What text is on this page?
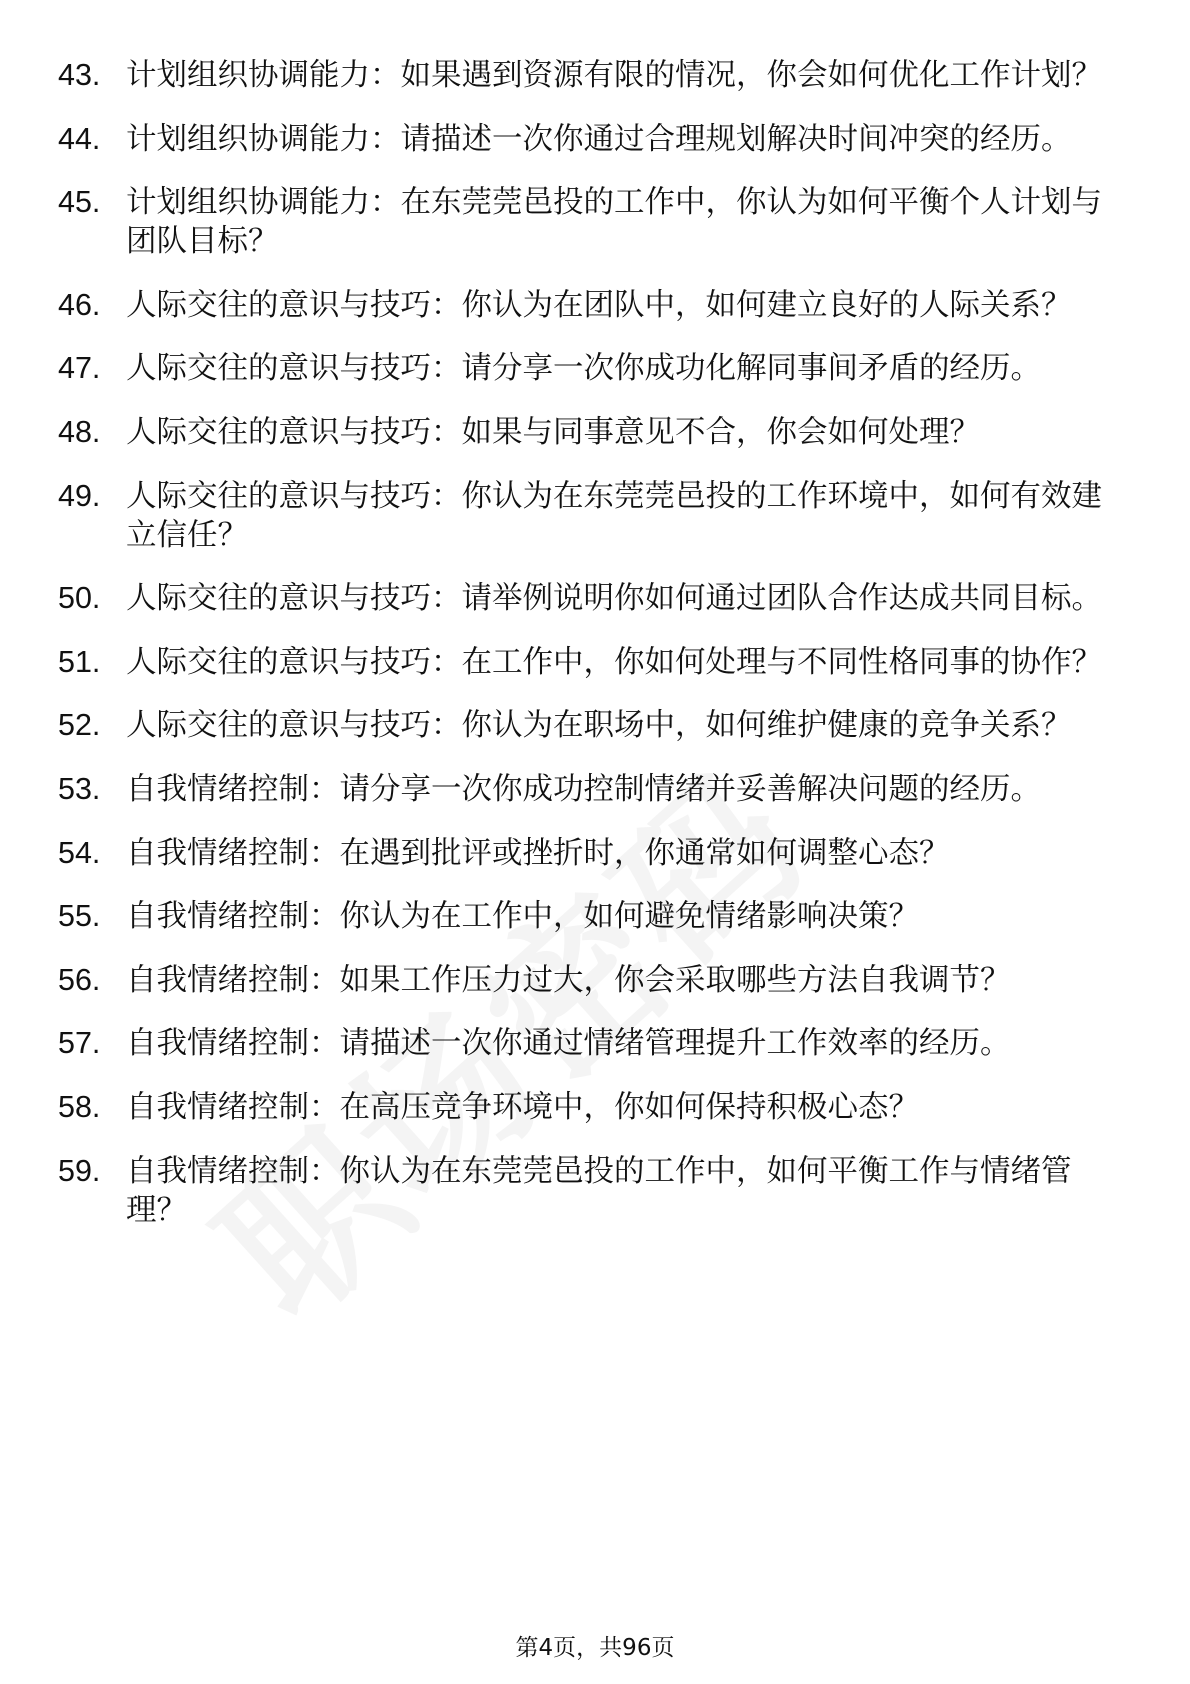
43. 计划组织协调能力：如果遇到资源有限的情况，你会如何优化工作计划？
44. 计划组织协调能力：请描述一次你通过合理规划解决时间冲突的经历。
45. 计划组织协调能力：在东莞莞邑投的工作中，你认为如何平衡个人计划与团队目标？
46. 人际交往的意识与技巧：你认为在团队中，如何建立良好的人际关系？
47. 人际交往的意识与技巧：请分享一次你成功化解同事间矛盾的经历。
48. 人际交往的意识与技巧：如果与同事意见不合，你会如何处理？
49. 人际交往的意识与技巧：你认为在东莞莞邑投的工作环境中，如何有效建立信任？
50. 人际交往的意识与技巧：请举例说明你如何通过团队合作达成共同目标。
51. 人际交往的意识与技巧：在工作中，你如何处理与不同性格同事的协作？
52. 人际交往的意识与技巧：你认为在职场中，如何维护健康的竞争关系？
53. 自我情绪控制：请分享一次你成功控制情绪并妥善解决问题的经历。
54. 自我情绪控制：在遇到批评或挫折时，你通常如何调整心态？
55. 自我情绪控制：你认为在工作中，如何避免情绪影响决策？
56. 自我情绪控制：如果工作压力过大，你会采取哪些方法自我调节？
57. 自我情绪控制：请描述一次你通过情绪管理提升工作效率的经历。
58. 自我情绪控制：在高压竞争环境中，你如何保持积极心态？
59. 自我情绪控制：你认为在东莞莞邑投的工作中，如何平衡工作与情绪管理？
第4页，共96页
